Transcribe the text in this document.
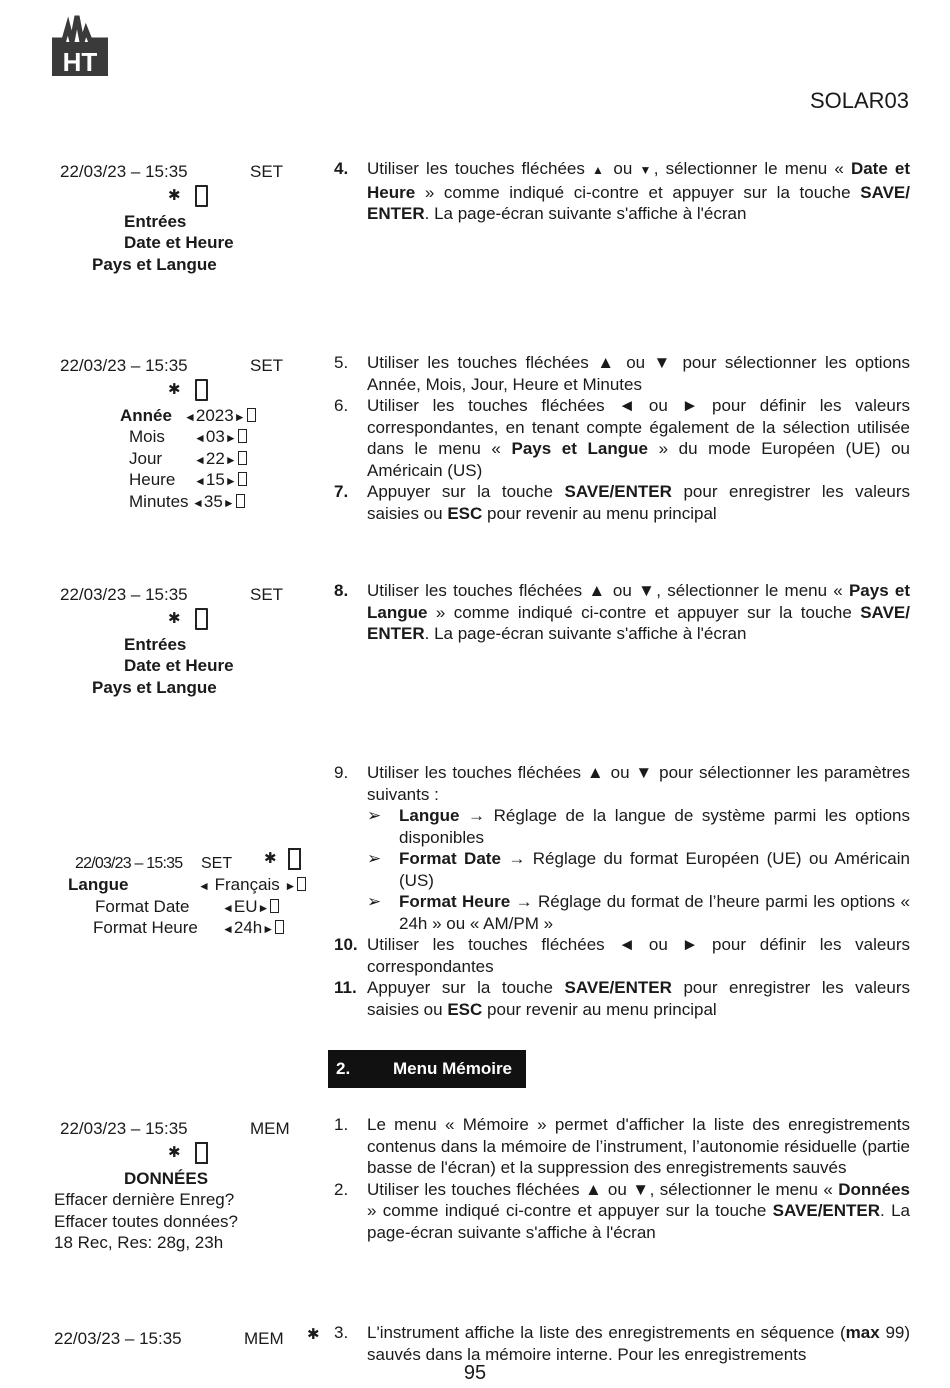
HT
SOLAR03
22/03/23 – 15:35	SET
✱
Entrées
Date et Heure
Pays et Langue
4. Utiliser les touches fléchées ▲ ou ▼, sélectionner le menu « Date et Heure » comme indiqué ci-contre et appuyer sur la touche SAVE/ ENTER. La page-écran suivante s'affiche à l'écran
22/03/23 – 15:35	SET
✱
Année ◄2023►
Mois ◄03►
Jour	◄22►
Heure ◄15►
Minutes ◄35►
5. Utiliser les touches fléchées ▲ ou ▼ pour sélectionner les options Année, Mois, Jour, Heure et Minutes
6. Utiliser les touches fléchées ◄ ou ► pour définir les valeurs correspondantes, en tenant compte également de la sélection utilisée dans le menu « Pays et Langue » du mode Européen (UE) ou Américain (US)
7. Appuyer sur la touche SAVE/ENTER pour enregistrer les valeurs saisies ou ESC pour revenir au menu principal
22/03/23 – 15:35	SET
✱
Entrées
Date et Heure
Pays et Langue
8. Utiliser les touches fléchées ▲ ou ▼, sélectionner le menu « Pays et Langue » comme indiqué ci-contre et appuyer sur la touche SAVE/ ENTER. La page-écran suivante s'affiche à l'écran
22/03/23 – 15:35 SET ✱
Langue	◄ Français ►
Format Date	◄EU►
Format Heure ◄24h►
9. Utiliser les touches fléchées ▲ ou ▼ pour sélectionner les paramètres suivants :
➢ Langue → Réglage de la langue de système parmi les options disponibles
➢ Format Date → Réglage du format Européen (UE) ou Américain (US)
➢ Format Heure → Réglage du format de l’heure parmi les options « 24h » ou « AM/PM »
10. Utiliser les touches fléchées ◄ ou ► pour définir les valeurs correspondantes
11. Appuyer sur la touche SAVE/ENTER pour enregistrer les valeurs saisies ou ESC pour revenir au menu principal
2.	Menu Mémoire
22/03/23 – 15:35	MEM
✱
DONNÉES
Effacer dernière Enreg?
Effacer toutes données?
18 Rec, Res: 28g, 23h
1. Le menu « Mémoire » permet d'afficher la liste des enregistrements contenus dans la mémoire de l’instrument, l’autonomie résiduelle (partie basse de l'écran) et la suppression des enregistrements sauvés
2. Utiliser les touches fléchées ▲ ou ▼, sélectionner le menu « Données » comme indiqué ci-contre et appuyer sur la touche SAVE/ENTER. La page-écran suivante s'affiche à l'écran
22/03/23 – 15:35	MEM ✱ 3. L'instrument affiche la liste des enregistrements en séquence (max 99) sauvés dans la mémoire interne. Pour les enregistrements
95
